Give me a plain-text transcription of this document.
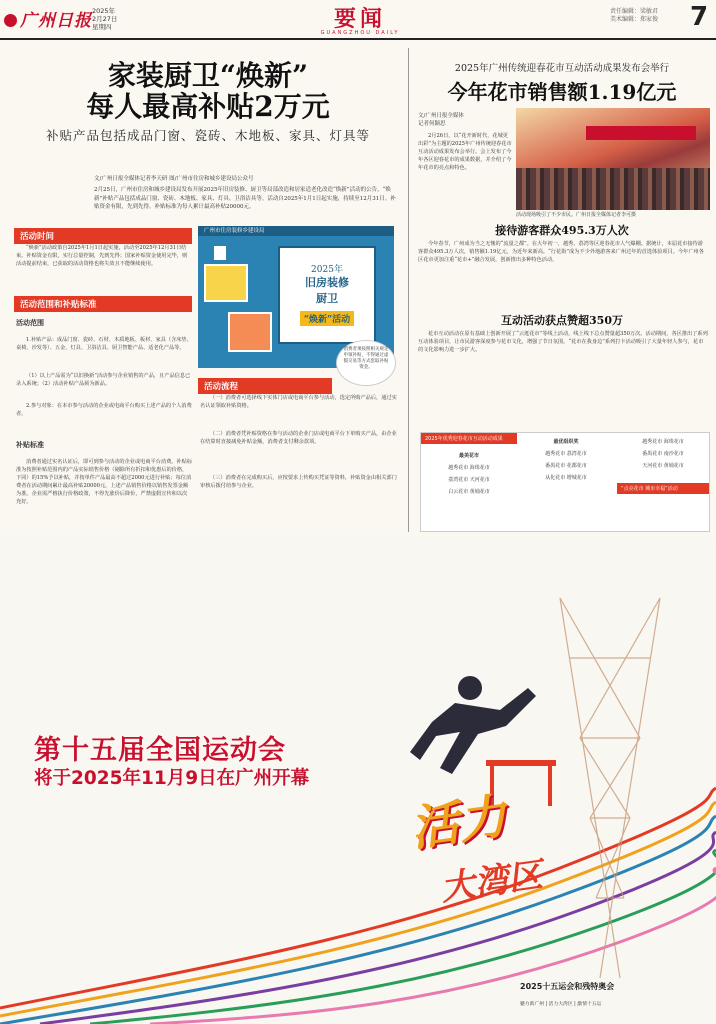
广州日报 2025年
2月27日
星期四	要闻
GUANGZHOU DAILY
责任编辑：梁敏君
美术编辑：郑家俊 7
家装厨卫“焕新”
每人最高补贴2万元
补贴产品包括成品门窗、瓷砖、木地板、家具、灯具等
文/广州日报全媒体记者李天研 图/广州市住房和城乡建设局公众号
2月25日，广州市住房和城乡建设局发布开展2025年旧房装修、厨卫等局部改造和居家适老化改造“焕新”活动的公告，“焕新”补贴产品包括成品门窗、瓷砖、木地板、家具、灯具、卫浴洁具等。活动自2025年1月1日起实施，持续至12月31日。补贴资金有限，先到先得。补贴标准为每人累计最高补贴20000元。
活动时间
“焕新”活动政策自2025年1月1日起实施，活动至2025年12月31日结束。补贴资金有限，实行总量控制，先到先得；国家补贴资金使用完毕，则活动提前结束，已获取的活动资格也将失效且不能继续使用。
活动范围和补贴标准
活动范围
1.补贴产品：成品门窗、瓷砖、石材、木质地板、板材、家具（含床垫、桌椅、沙发等）、五金、灯具、卫浴洁具、厨卫智能产品、适老化产品等。
（1）以上产品需为“以旧换新”活动参与企业销售的产品，且产品信息已录入系统；（2）活动补贴产品须为新品。
2.参与对象：在本市参与活动的企业或电商平台购买上述产品的个人消费者。
补贴标准
消费者通过实名认证后，即可到参与活动的企业或电商平台消费。补贴标准为按照补贴范围内的产品实际销售价格（剔除所有折扣和优惠后的价格，下同）的15%予以补贴，并按单件产品最高不超过2000元进行补贴；每位消费者在活动期间累计最高补贴20000元。上述产品销售价格以销售发票金额为准。企业需严格执行价格政策，不得先涨价后降价，严禁虚假宣传和以次充好。
广州市住房装修乡建设局
2025年
旧房装修
厨卫
“焕新”活动
消费者须按照相关规定申领补贴，不得通过虚假交易等方式套取补贴资金。
活动流程
（一）消费者可选择线下实体门店或电商平台参与活动，选定所购产品后，通过实名认证领取补贴资格。
（二）消费者凭补贴资格在参与活动的企业门店或电商平台下单购买产品，由企业在结算时直接减免补贴金额，消费者支付剩余款项。
（三）消费者在完成购买后，应按要求上传购买凭证等资料，补贴资金由相关部门审核后拨付给参与企业。
2025年广州传统迎春花市互动活动成果发布会举行
今年花市销售额1.19亿元
文/广州日报全媒体
记者何颖思
2月26日，以“花开新时代，花城更出彩”为主题的2025年广州传统迎春花市互动活动成果发布会举行。会上发布了今年各区迎春花市的成果数据，并介绍了今年花市的亮点和特色。
活动现场吸引了不少市民。广州日报全媒体记者李可摄
接待游客群众495.3万人次
今年春节，广州成为当之无愧的“流量之都”。在大年初一，越秀、荔湾等区迎春花市人气爆棚。据统计，本届花市接待游客群众495.3万人次，销售额1.19亿元，为近年来新高。“行花街”成为不少外地游客来广州过年的首选体验项目。今年广州各区花市更加注重“花市+”融合发展，创新推出多种特色活动。
互动活动获点赞超350万
花市互动活动在原有基础上创新开展了“云逛花市”等线上活动，线上线下总点赞量超350万次。活动期间，各区推出了系列互动体验项目，让市民游客深度参与花市文化，增强了节日氛围。“花市在我身边”系列打卡活动吸引了大量年轻人参与，花市的文化影响力进一步扩大。
2025年优秀迎春花市互动活动成果
最美花市
越秀花市 海珠花市
荔湾花市 天河花市
白云花市 黄埔花市
最优组织奖
越秀花市 荔湾花市
番禺花市 花都花市
从化花市 增城花市
“点亮花市 城市幸福”活动
越秀花市 海珠花市
番禺花市 南沙花市
天河花市 黄埔花市
第十五届全国运动会
将于2025年11月9日在广州开幕
活力
大湾区
2025十五运会和残特奥会
魅力新广州 | 活力大湾区 | 激情十五运
